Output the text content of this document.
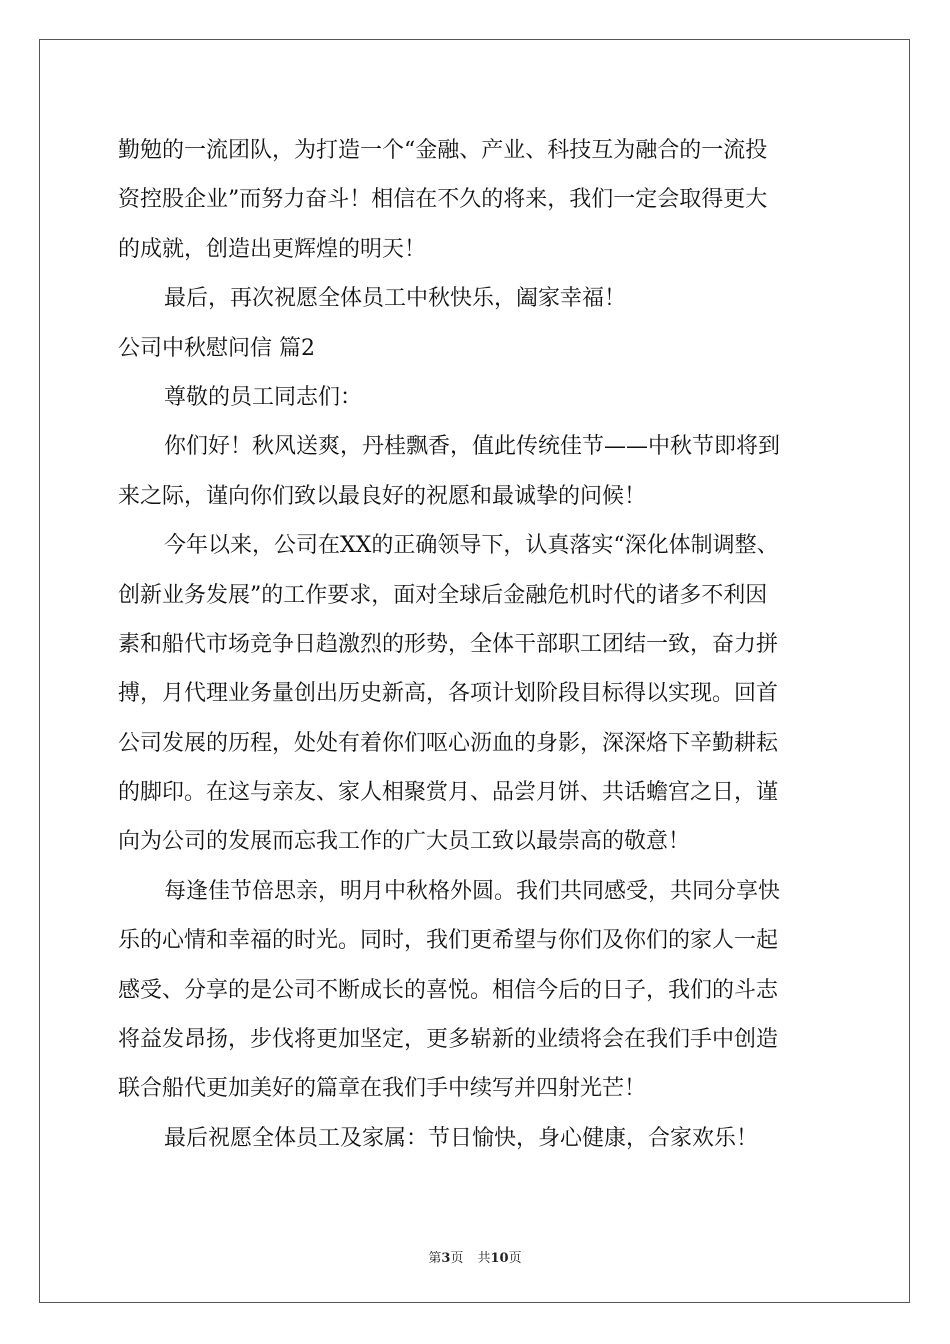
勤勉的一流团队，为打造一个“金融、产业、科技互为融合的一流投
资控股企业”而努力奋斗！相信在不久的将来，我们一定会取得更大
的成就，创造出更辉煌的明天！
最后，再次祝愿全体员工中秋快乐，阖家幸福！
公司中秋慰问信 篇2
尊敬的员工同志们：
你们好！秋风送爽，丹桂飘香，值此传统佳节——中秋节即将到
来之际，谨向你们致以最良好的祝愿和最诚挚的问候！
今年以来，公司在XX的正确领导下，认真落实“深化体制调整、
创新业务发展”的工作要求，面对全球后金融危机时代的诸多不利因
素和船代市场竞争日趋激烈的形势，全体干部职工团结一致，奋力拼
搏，月代理业务量创出历史新高，各项计划阶段目标得以实现。回首
公司发展的历程，处处有着你们呕心沥血的身影，深深烙下辛勤耕耘
的脚印。在这与亲友、家人相聚赏月、品尝月饼、共话蟾宫之日，谨
向为公司的发展而忘我工作的广大员工致以最崇高的敬意！
每逢佳节倍思亲，明月中秋格外圆。我们共同感受，共同分享快
乐的心情和幸福的时光。同时，我们更希望与你们及你们的家人一起
感受、分享的是公司不断成长的喜悦。相信今后的日子，我们的斗志
将益发昂扬，步伐将更加坚定，更多崭新的业绩将会在我们手中创造
联合船代更加美好的篇章在我们手中续写并四射光芒！
最后祝愿全体员工及家属：节日愉快，身心健康，合家欢乐！
第3页 共10页
